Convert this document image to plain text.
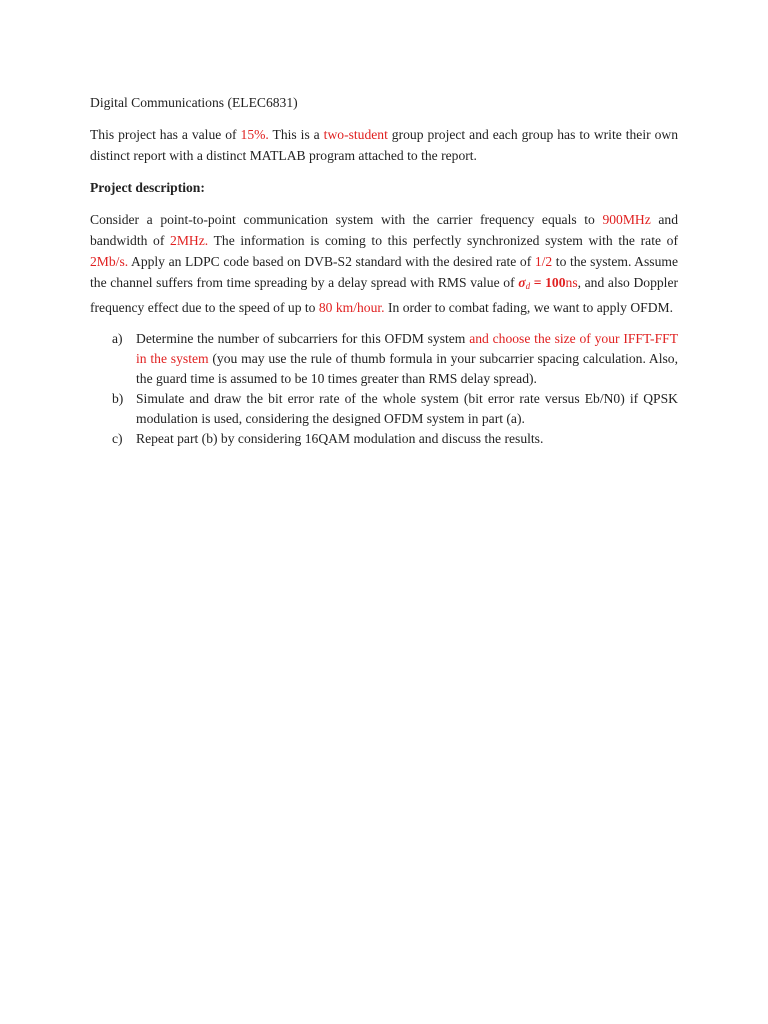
Digital Communications (ELEC6831)

This project has a value of 15%. This is a two-student group project and each group has to write their own distinct report with a distinct MATLAB program attached to the report.

Project description:

Consider a point-to-point communication system with the carrier frequency equals to 900MHz and bandwidth of 2MHz. The information is coming to this perfectly synchronized system with the rate of 2Mb/s. Apply an LDPC code based on DVB-S2 standard with the desired rate of 1/2 to the system. Assume the channel suffers from time spreading by a delay spread with RMS value of $\sigma_d = 100ns$, and also Doppler frequency effect due to the speed of up to 80 km/hour. In order to combat fading, we want to apply OFDM.

a) Determine the number of subcarriers for this OFDM system and choose the size of your IFFT-FFT in the system (you may use the rule of thumb formula in your subcarrier spacing calculation. Also, the guard time is assumed to be 10 times greater than RMS delay spread).
b) Simulate and draw the bit error rate of the whole system (bit error rate versus Eb/N0) if QPSK modulation is used, considering the designed OFDM system in part (a).
c) Repeat part (b) by considering 16QAM modulation and discuss the results.
